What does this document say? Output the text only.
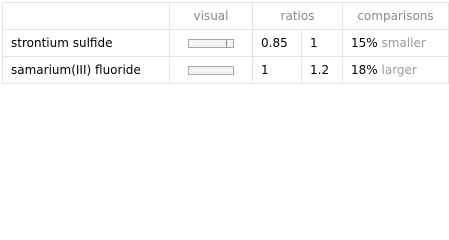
	visual	ratios		comparisons
strontium sulfide		0.85	1	15% smaller
samarium(III) fluoride		1	1.2	18% larger
